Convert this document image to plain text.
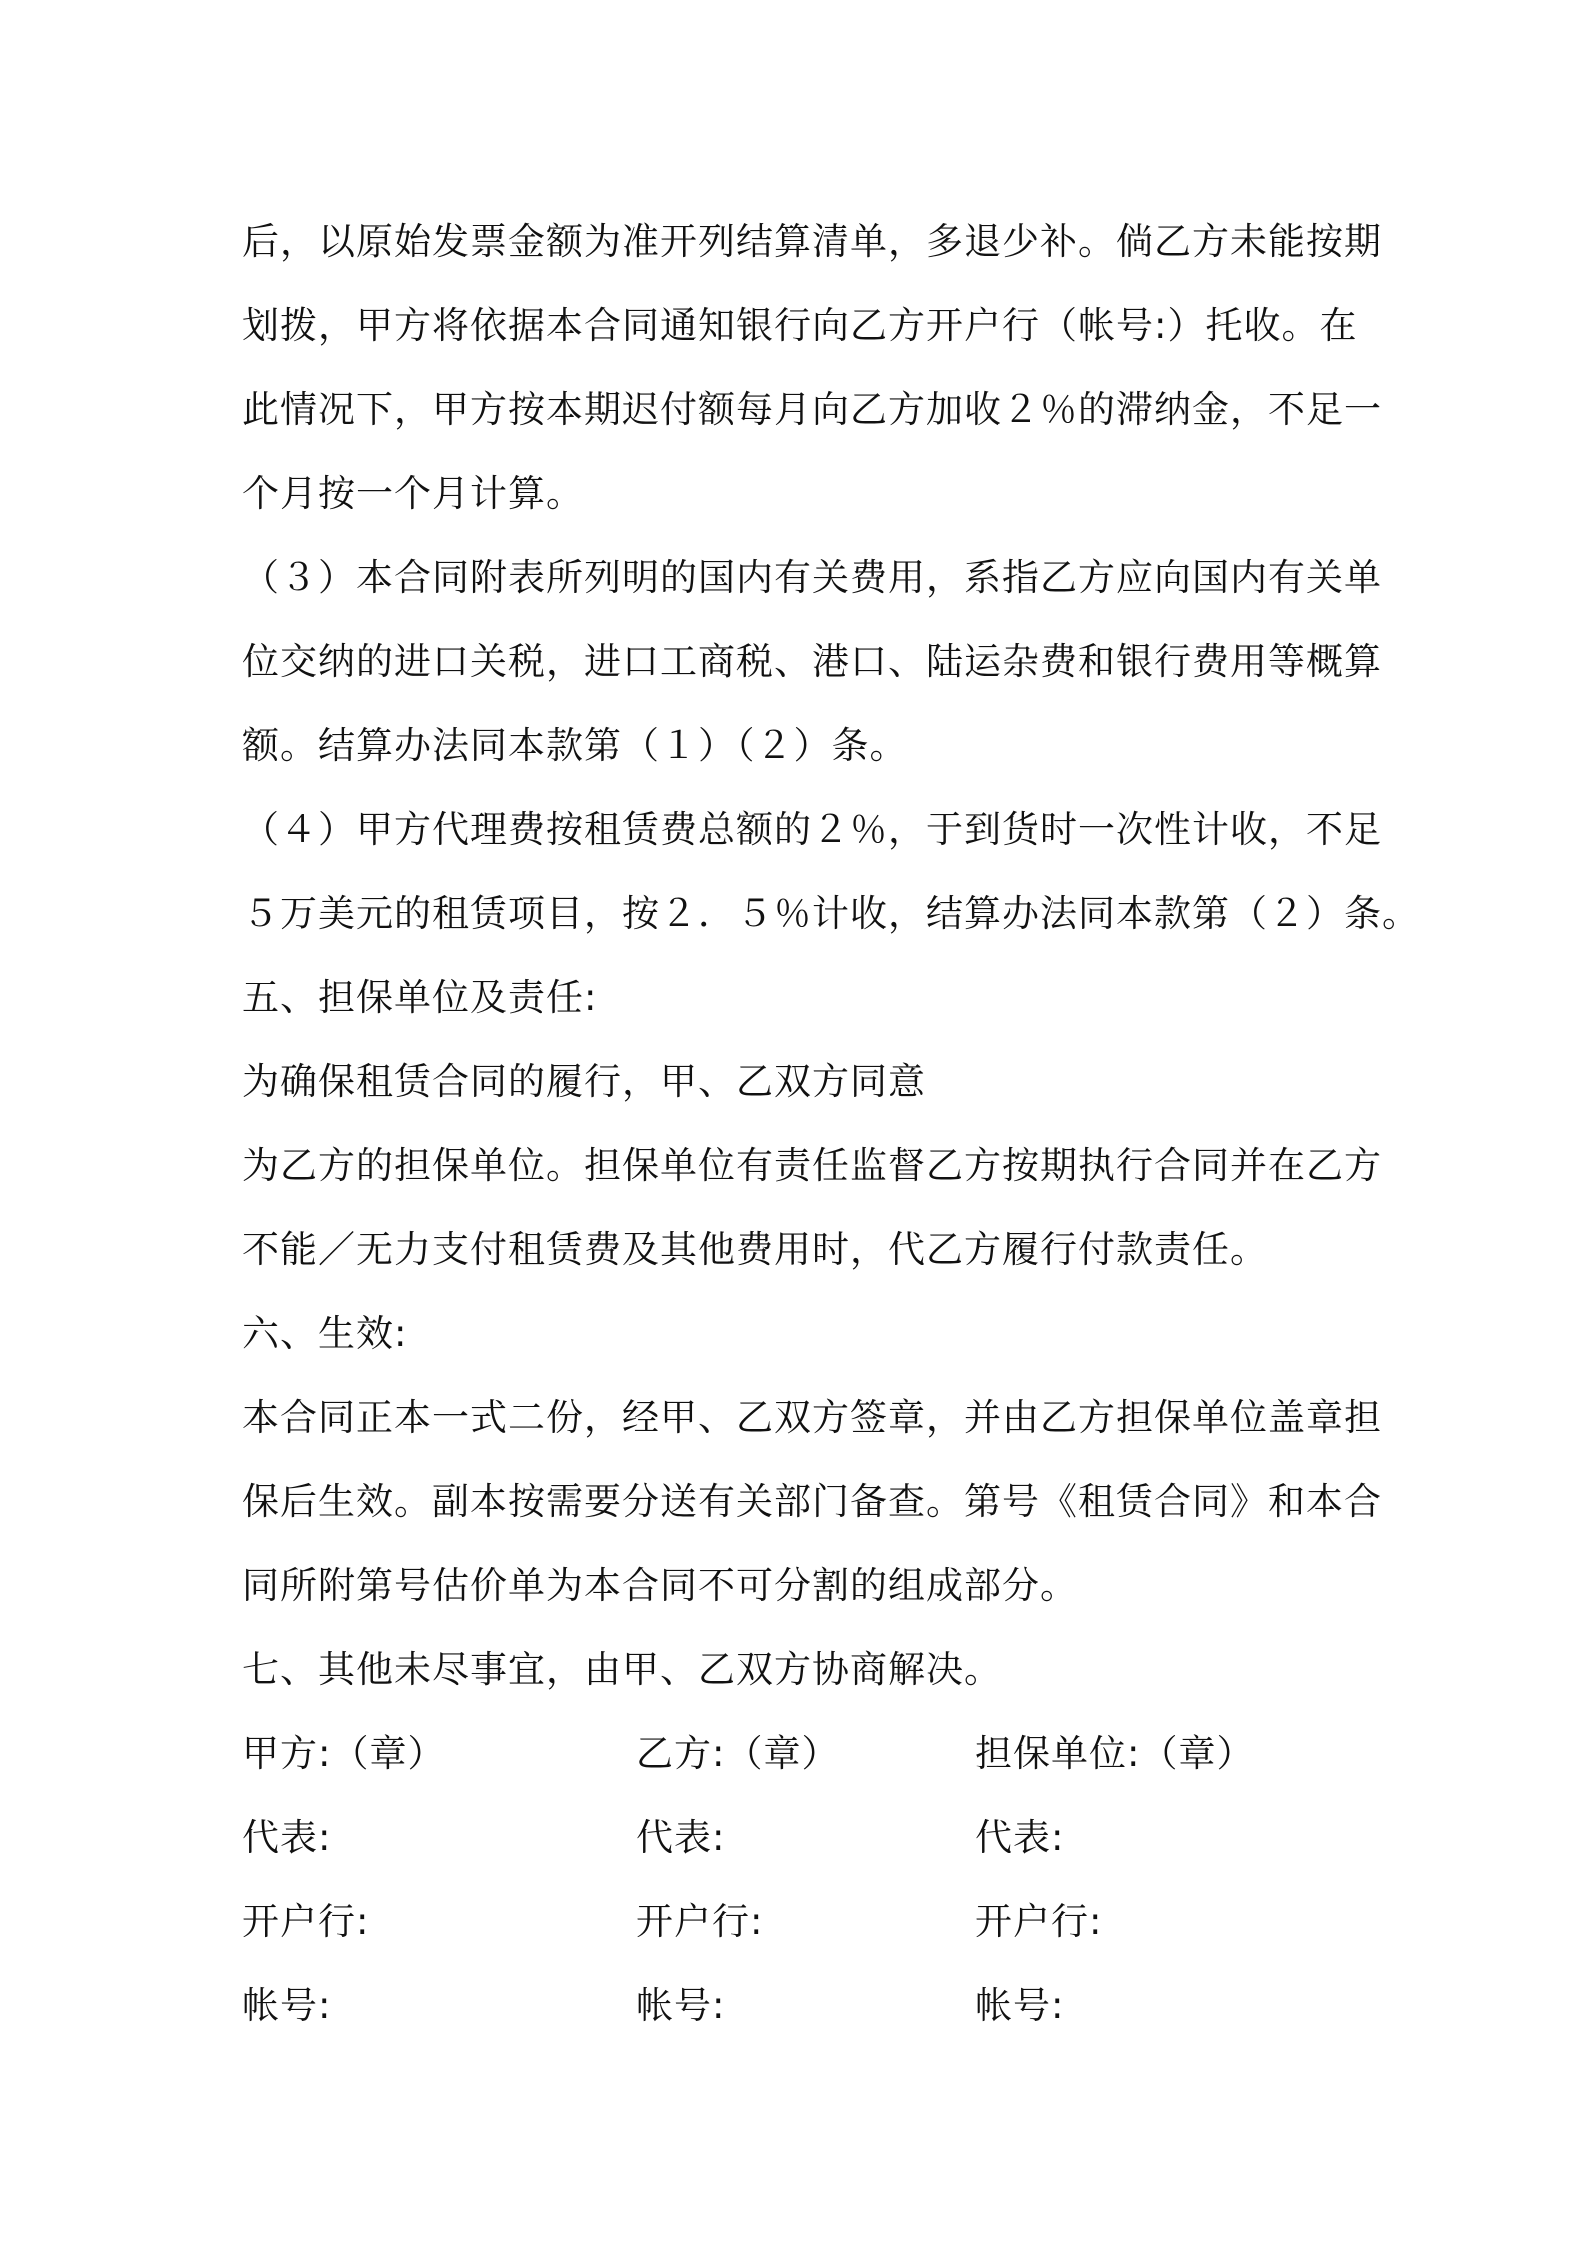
后，以原始发票金额为准开列结算清单，多退少补。倘乙方未能按期
划拨，甲方将依据本合同通知银行向乙方开户行（帐号:）托收。在
此情况下，甲方按本期迟付额每月向乙方加收２％的滞纳金，不足一
个月按一个月计算。
（３）本合同附表所列明的国内有关费用，系指乙方应向国内有关单
位交纳的进口关税，进口工商税、港口、陆运杂费和银行费用等概算
额。结算办法同本款第（１）（２）条。
（４）甲方代理费按租赁费总额的２％，于到货时一次性计收，不足
５万美元的租赁项目，按２．５％计收，结算办法同本款第（２）条。
五、担保单位及责任:
为确保租赁合同的履行，甲、乙双方同意
为乙方的担保单位。担保单位有责任监督乙方按期执行合同并在乙方
不能／无力支付租赁费及其他费用时，代乙方履行付款责任。
六、生效:
本合同正本一式二份，经甲、乙双方签章，并由乙方担保单位盖章担
保后生效。副本按需要分送有关部门备查。第号《租赁合同》和本合
同所附第号估价单为本合同不可分割的组成部分。
七、其他未尽事宜，由甲、乙双方协商解决。
甲方:（章）	乙方:（章）	担保单位:（章）
代表:	代表:	代表:
开户行:	开户行:	开户行:
帐号:	帐号:	帐号:
